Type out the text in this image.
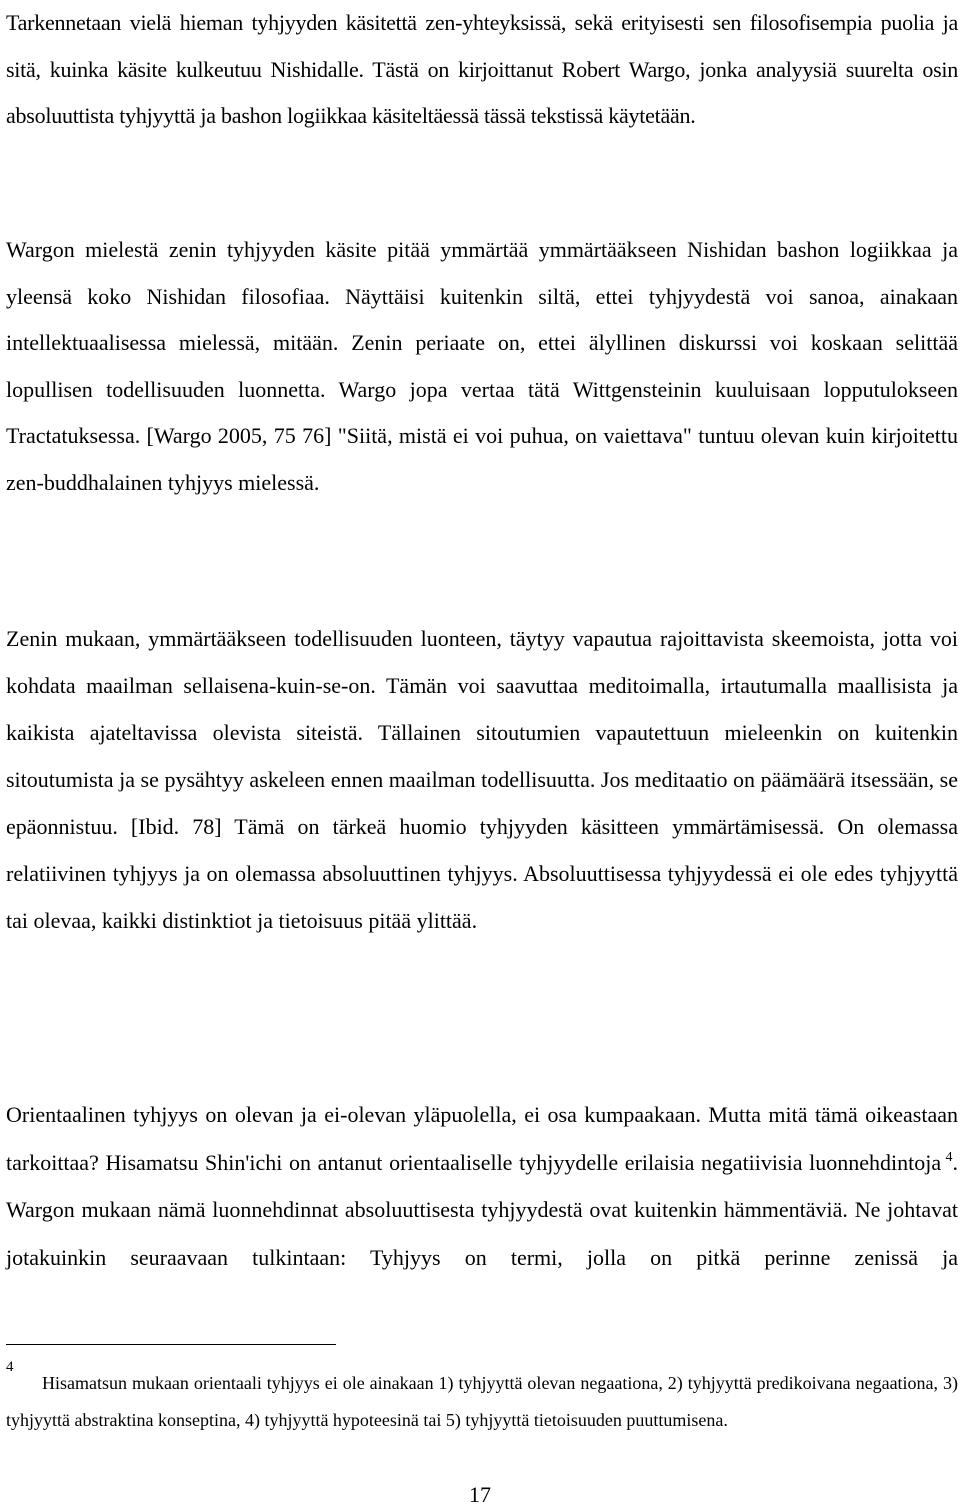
Tarkennetaan vielä hieman tyhjyyden käsitettä zen-yhteyksissä, sekä erityisesti sen filosofisempia puolia ja sitä, kuinka käsite kulkeutuu Nishidalle. Tästä on kirjoittanut Robert Wargo, jonka analyysiä suurelta osin absoluuttista tyhjyyttä ja bashon logiikkaa käsiteltäessä tässä tekstissä käytetään.

Wargon mielestä zenin tyhjyyden käsite pitää ymmärtää ymmärtääkseen Nishidan bashon logiikkaa ja yleensä koko Nishidan filosofiaa. Näyttäisi kuitenkin siltä, ettei tyhjyydestä voi sanoa, ainakaan intellektuaalisessa mielessä, mitään. Zenin periaate on, ettei älyllinen diskurssi voi koskaan selittää lopullisen todellisuuden luonnetta. Wargo jopa vertaa tätä Wittgensteinin kuuluisaan lopputulokseen Tractatuksessa. [Wargo 2005, 75 76] "Siitä, mistä ei voi puhua, on vaiettava" tuntuu olevan kuin kirjoitettu zen-buddhalainen tyhjyys mielessä.

Zenin mukaan, ymmärtääkseen todellisuuden luonteen, täytyy vapautua rajoittavista skeemoista, jotta voi kohdata maailman sellaisena-kuin-se-on. Tämän voi saavuttaa meditoimalla, irtautumalla maallisista ja kaikista ajateltavissa olevista siteistä. Tällainen sitoutumien vapautettuun mieleenkin on kuitenkin sitoutumista ja se pysähtyy askeleen ennen maailman todellisuutta. Jos meditaatio on päämäärä itsessään, se epäonnistuu. [Ibid. 78] Tämä on tärkeä huomio tyhjyyden käsitteen ymmärtämisessä. On olemassa relatiivinen tyhjyys ja on olemassa absoluuttinen tyhjyys. Absoluuttisessa tyhjyydessä ei ole edes tyhjyyttä tai olevaa, kaikki distinktiot ja tietoisuus pitää ylittää.

Orientaalinen tyhjyys on olevan ja ei-olevan yläpuolella, ei osa kumpaakaan. Mutta mitä tämä oikeastaan tarkoittaa? Hisamatsu Shin'ichi on antanut orientaaliselle tyhjyydelle erilaisia negatiivisia luonnehdintoja  $^4$. Wargon mukaan nämä luonnehdinnat absoluuttisesta tyhjyydestä ovat kuitenkin hämmentäviä. Ne johtavat jotakuinkin seuraavaan tulkintaan: Tyhjyys on termi, jolla on pitkä perinne zenissä ja

4

Hisamatsun mukaan orientaali tyhjyys ei ole ainakaan 1) tyhjyyttä olevan negaationa, 2) tyhjyyttä predikoivana negaationa, 3) tyhjyyttä abstraktina konseptina, 4) tyhjyyttä hypoteesinä tai 5) tyhjyyttä tietoisuuden puuttumisena.

17
